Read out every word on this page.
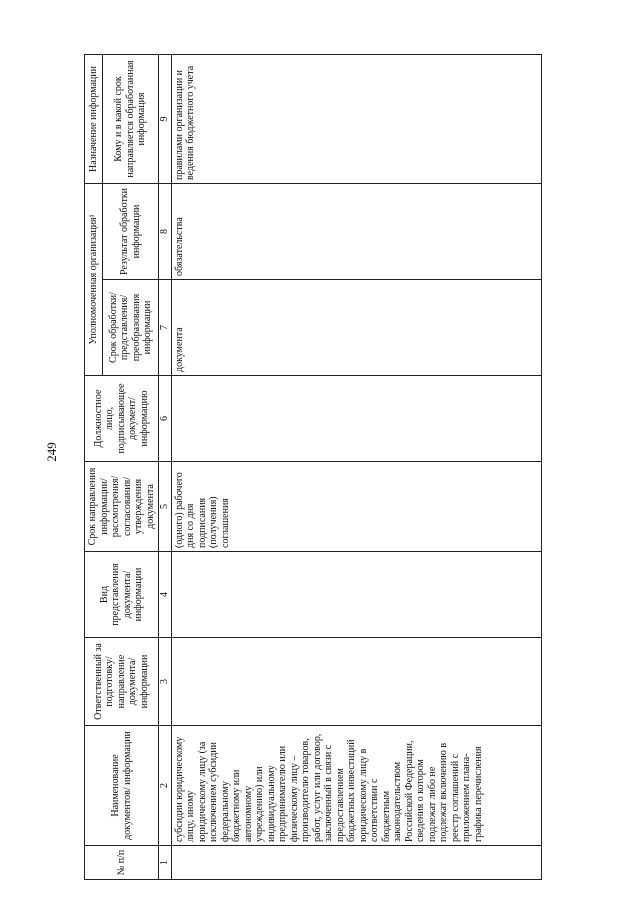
249
№ п/п	Наименование документов/ информации	Ответственный за подготовку/ направление документа/ информации	Вид представления документа/ информации	Срок направления информации/ рассмотрения/ согласования/ утверждения документа	Должностное лицо, подписывающее документ/ информацию	Уполномоченная организация¹		Назначение информации
						Срок обработки/ представления/ преобразования информации	Результат обработки информации	Кому и в какой срок направляется обработанная информация
1	2	3	4	5	6	7	8	9
	субсидии юридическому лицу, иному юридическому лицу (за исключением субсидии федеральному бюджетному или автономному учреждению) или индивидуальному предпринимателю или физическому лицу – производителю товаров, работ, услуг или договор, заключенный в связи с предоставлением бюджетных инвестиций юридическому лицу в соответствии с бюджетным законодательством Российской Федерации, сведения о котором подлежат либо не подлежат включению в реестр соглашений с приложением плана-графика перечисления			(одного) рабочего дня со дня подписания (получения) соглашения		документа	обязательства	правилами организации и ведения бюджетного учета
